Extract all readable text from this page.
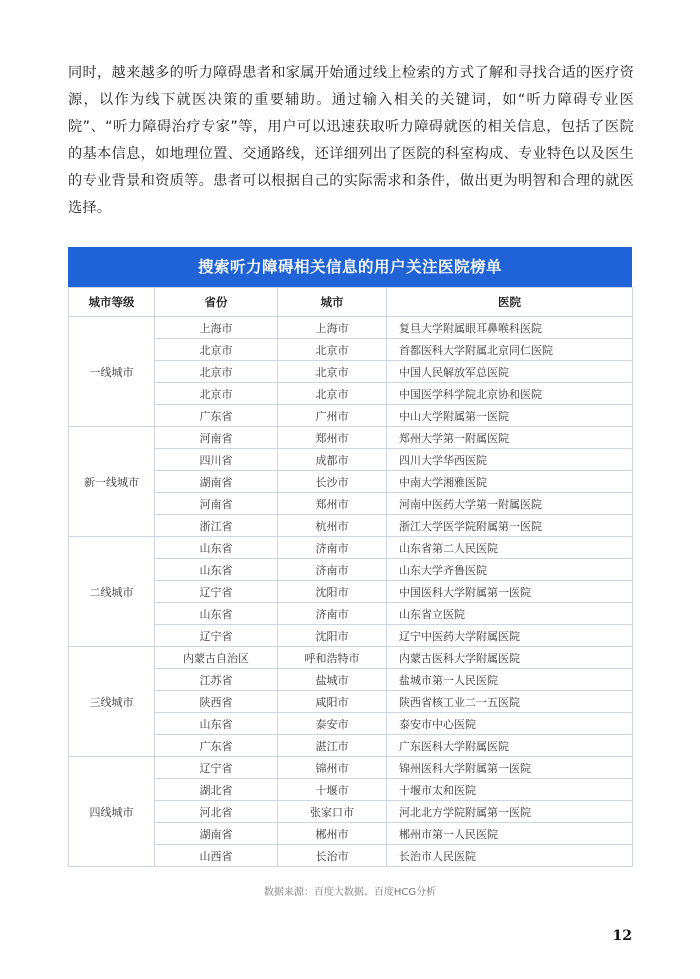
同时，越来越多的听力障碍患者和家属开始通过线上检索的方式了解和寻找合适的医疗资源，以作为线下就医决策的重要辅助。通过输入相关的关键词，如“听力障碍专业医院”、“听力障碍治疗专家”等，用户可以迅速获取听力障碍就医的相关信息，包括了医院的基本信息，如地理位置、交通路线，还详细列出了医院的科室构成、专业特色以及医生的专业背景和资质等。患者可以根据自己的实际需求和条件，做出更为明智和合理的就医选择。

搜索听力障碍相关信息的用户关注医院榜单
城市等级	省份	城市	医院
一线城市	上海市	上海市	复旦大学附属眼耳鼻喉科医院
	北京市	北京市	首都医科大学附属北京同仁医院
	北京市	北京市	中国人民解放军总医院
	北京市	北京市	中国医学科学院北京协和医院
	广东省	广州市	中山大学附属第一医院
新一线城市	河南省	郑州市	郑州大学第一附属医院
	四川省	成都市	四川大学华西医院
	湖南省	长沙市	中南大学湘雅医院
	河南省	郑州市	河南中医药大学第一附属医院
	浙江省	杭州市	浙江大学医学院附属第一医院
二线城市	山东省	济南市	山东省第二人民医院
	山东省	济南市	山东大学齐鲁医院
	辽宁省	沈阳市	中国医科大学附属第一医院
	山东省	济南市	山东省立医院
	辽宁省	沈阳市	辽宁中医药大学附属医院
三线城市	内蒙古自治区	呼和浩特市	内蒙古医科大学附属医院
	江苏省	盐城市	盐城市第一人民医院
	陕西省	咸阳市	陕西省核工业二一五医院
	山东省	泰安市	泰安市中心医院
	广东省	湛江市	广东医科大学附属医院
四线城市	辽宁省	锦州市	锦州医科大学附属第一医院
	湖北省	十堰市	十堰市太和医院
	河北省	张家口市	河北北方学院附属第一医院
	湖南省	郴州市	郴州市第一人民医院
	山西省	长治市	长治市人民医院
数据来源：百度大数据、百度HCG分析
12
